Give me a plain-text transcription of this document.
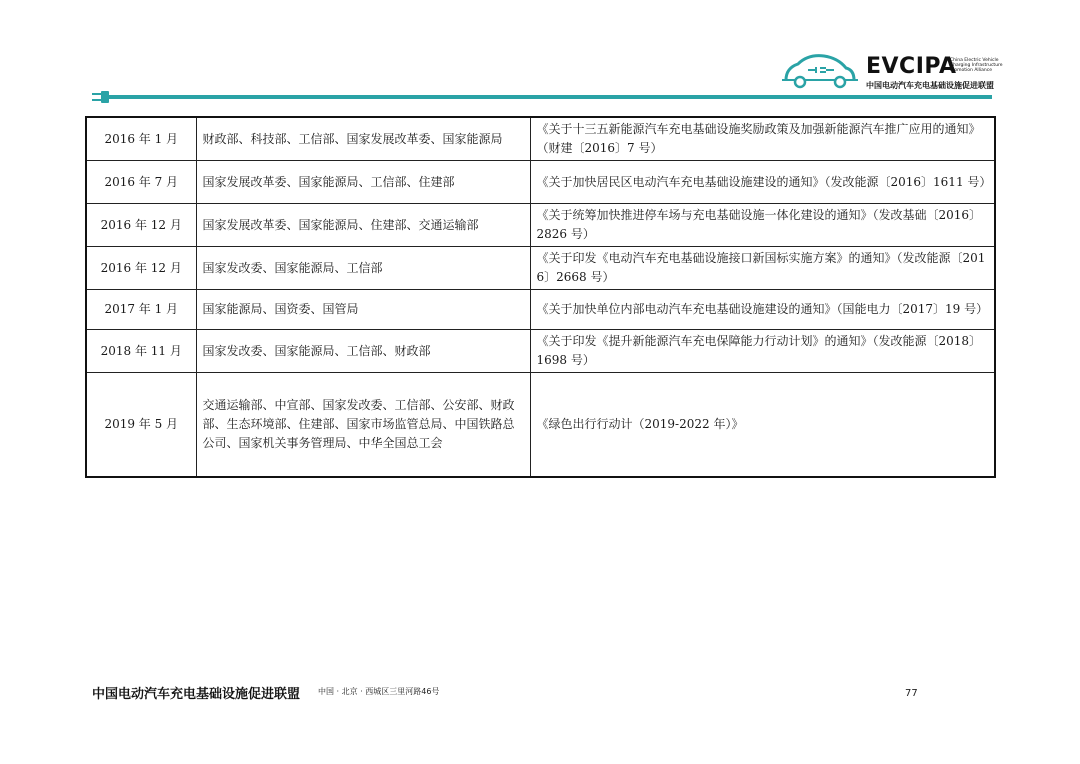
EVCIPA
China Electric Vehicle
Charging Infrastructure
Promotion Alliance
中国电动汽车充电基础设施促进联盟
2016 年 1 月	财政部、科技部、工信部、国家发展改革委、国家能源局	《关于十三五新能源汽车充电基础设施奖励政策及加强新能源汽车推广应用的通知》（财建〔2016〕7 号）
2016 年 7 月	国家发展改革委、国家能源局、工信部、住建部	《关于加快居民区电动汽车充电基础设施建设的通知》（发改能源〔2016〕1611 号）
2016 年 12 月	国家发展改革委、国家能源局、住建部、交通运输部	《关于统筹加快推进停车场与充电基础设施一体化建设的通知》（发改基础〔2016〕2826 号）
2016 年 12 月	国家发改委、国家能源局、工信部	《关于印发《电动汽车充电基础设施接口新国标实施方案》的通知》（发改能源〔2016〕2668 号）
2017 年 1 月	国家能源局、国资委、国管局	《关于加快单位内部电动汽车充电基础设施建设的通知》（国能电力〔2017〕19 号）
2018 年 11 月	国家发改委、国家能源局、工信部、财政部	《关于印发《提升新能源汽车充电保障能力行动计划》的通知》（发改能源〔2018〕1698 号）
2019 年 5 月	交通运输部、中宣部、国家发改委、工信部、公安部、财政部、生态环境部、住建部、国家市场监管总局、中国铁路总公司、国家机关事务管理局、中华全国总工会	《绿色出行行动计（2019-2022 年）》
中国电动汽车充电基础设施促进联盟 中国 · 北京 · 西城区三里河路46号	77
